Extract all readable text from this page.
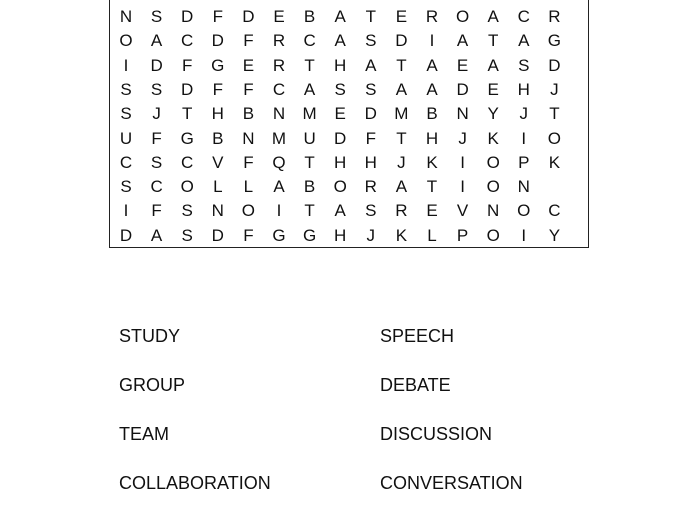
N	S	D	F	D	E	B	A	T	E	R	O	A	C	R
O	A	C	D	F	R	C	A	S	D	I	A	T	A	G
I	D	F	G	E	R	T	H	A	T	A	E	A	S	D
S	S	D	F	F	C	A	S	S	A	A	D	E	H	J
S	J	T	H	B	N	M	E	D	M	B	N	Y	J	T
U	F	G	B	N	M	U	D	F	T	H	J	K	I	O
C	S	C	V	F	Q	T	H	H	J	K	I	O	P	K
S	C	O	L	L	A	B	O	R	A	T	I	O	N
I	F	S	N	O	I	T	A	S	R	E	V	N	O	C
D	A	S	D	F	G	G	H	J	K	L	P	O	I	Y
STUDY
GROUP
TEAM
COLLABORATION
SPEECH
DEBATE
DISCUSSION
CONVERSATION
